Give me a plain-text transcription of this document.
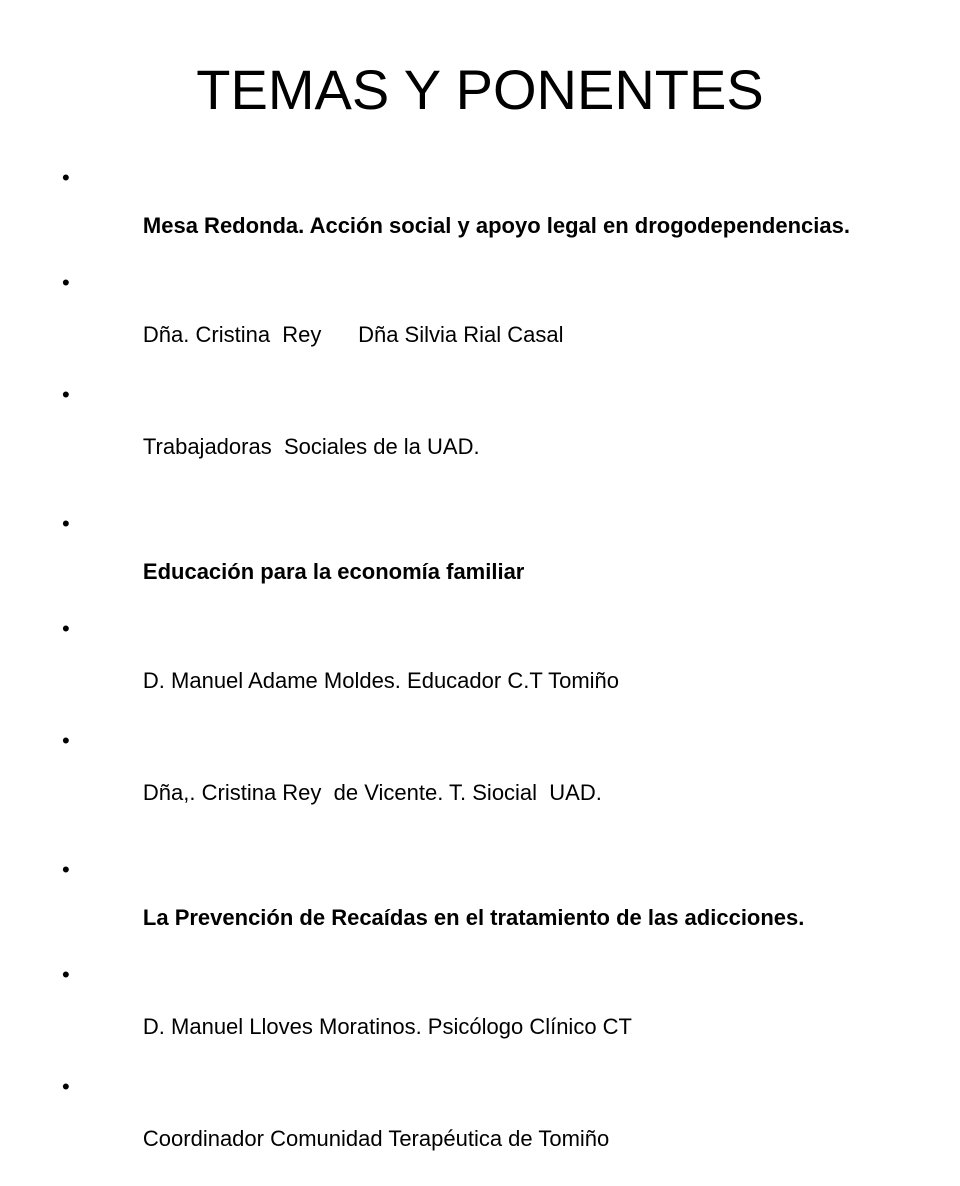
TEMAS Y PONENTES

•

Mesa Redonda. Acción social y apoyo legal en drogodependencias.

•

Dña. Cristina  Rey      Dña Silvia Rial Casal

•

Trabajadoras  Sociales de la UAD.

•

Educación para la economía familiar

•

D. Manuel Adame Moldes. Educador C.T Tomiño

•

Dña,. Cristina Rey  de Vicente. T. Siocial  UAD.

•

La Prevención de Recaídas en el tratamiento de las adicciones.

•

D. Manuel Lloves Moratinos. Psicólogo Clínico CT

•

Coordinador Comunidad Terapéutica de Tomiño
